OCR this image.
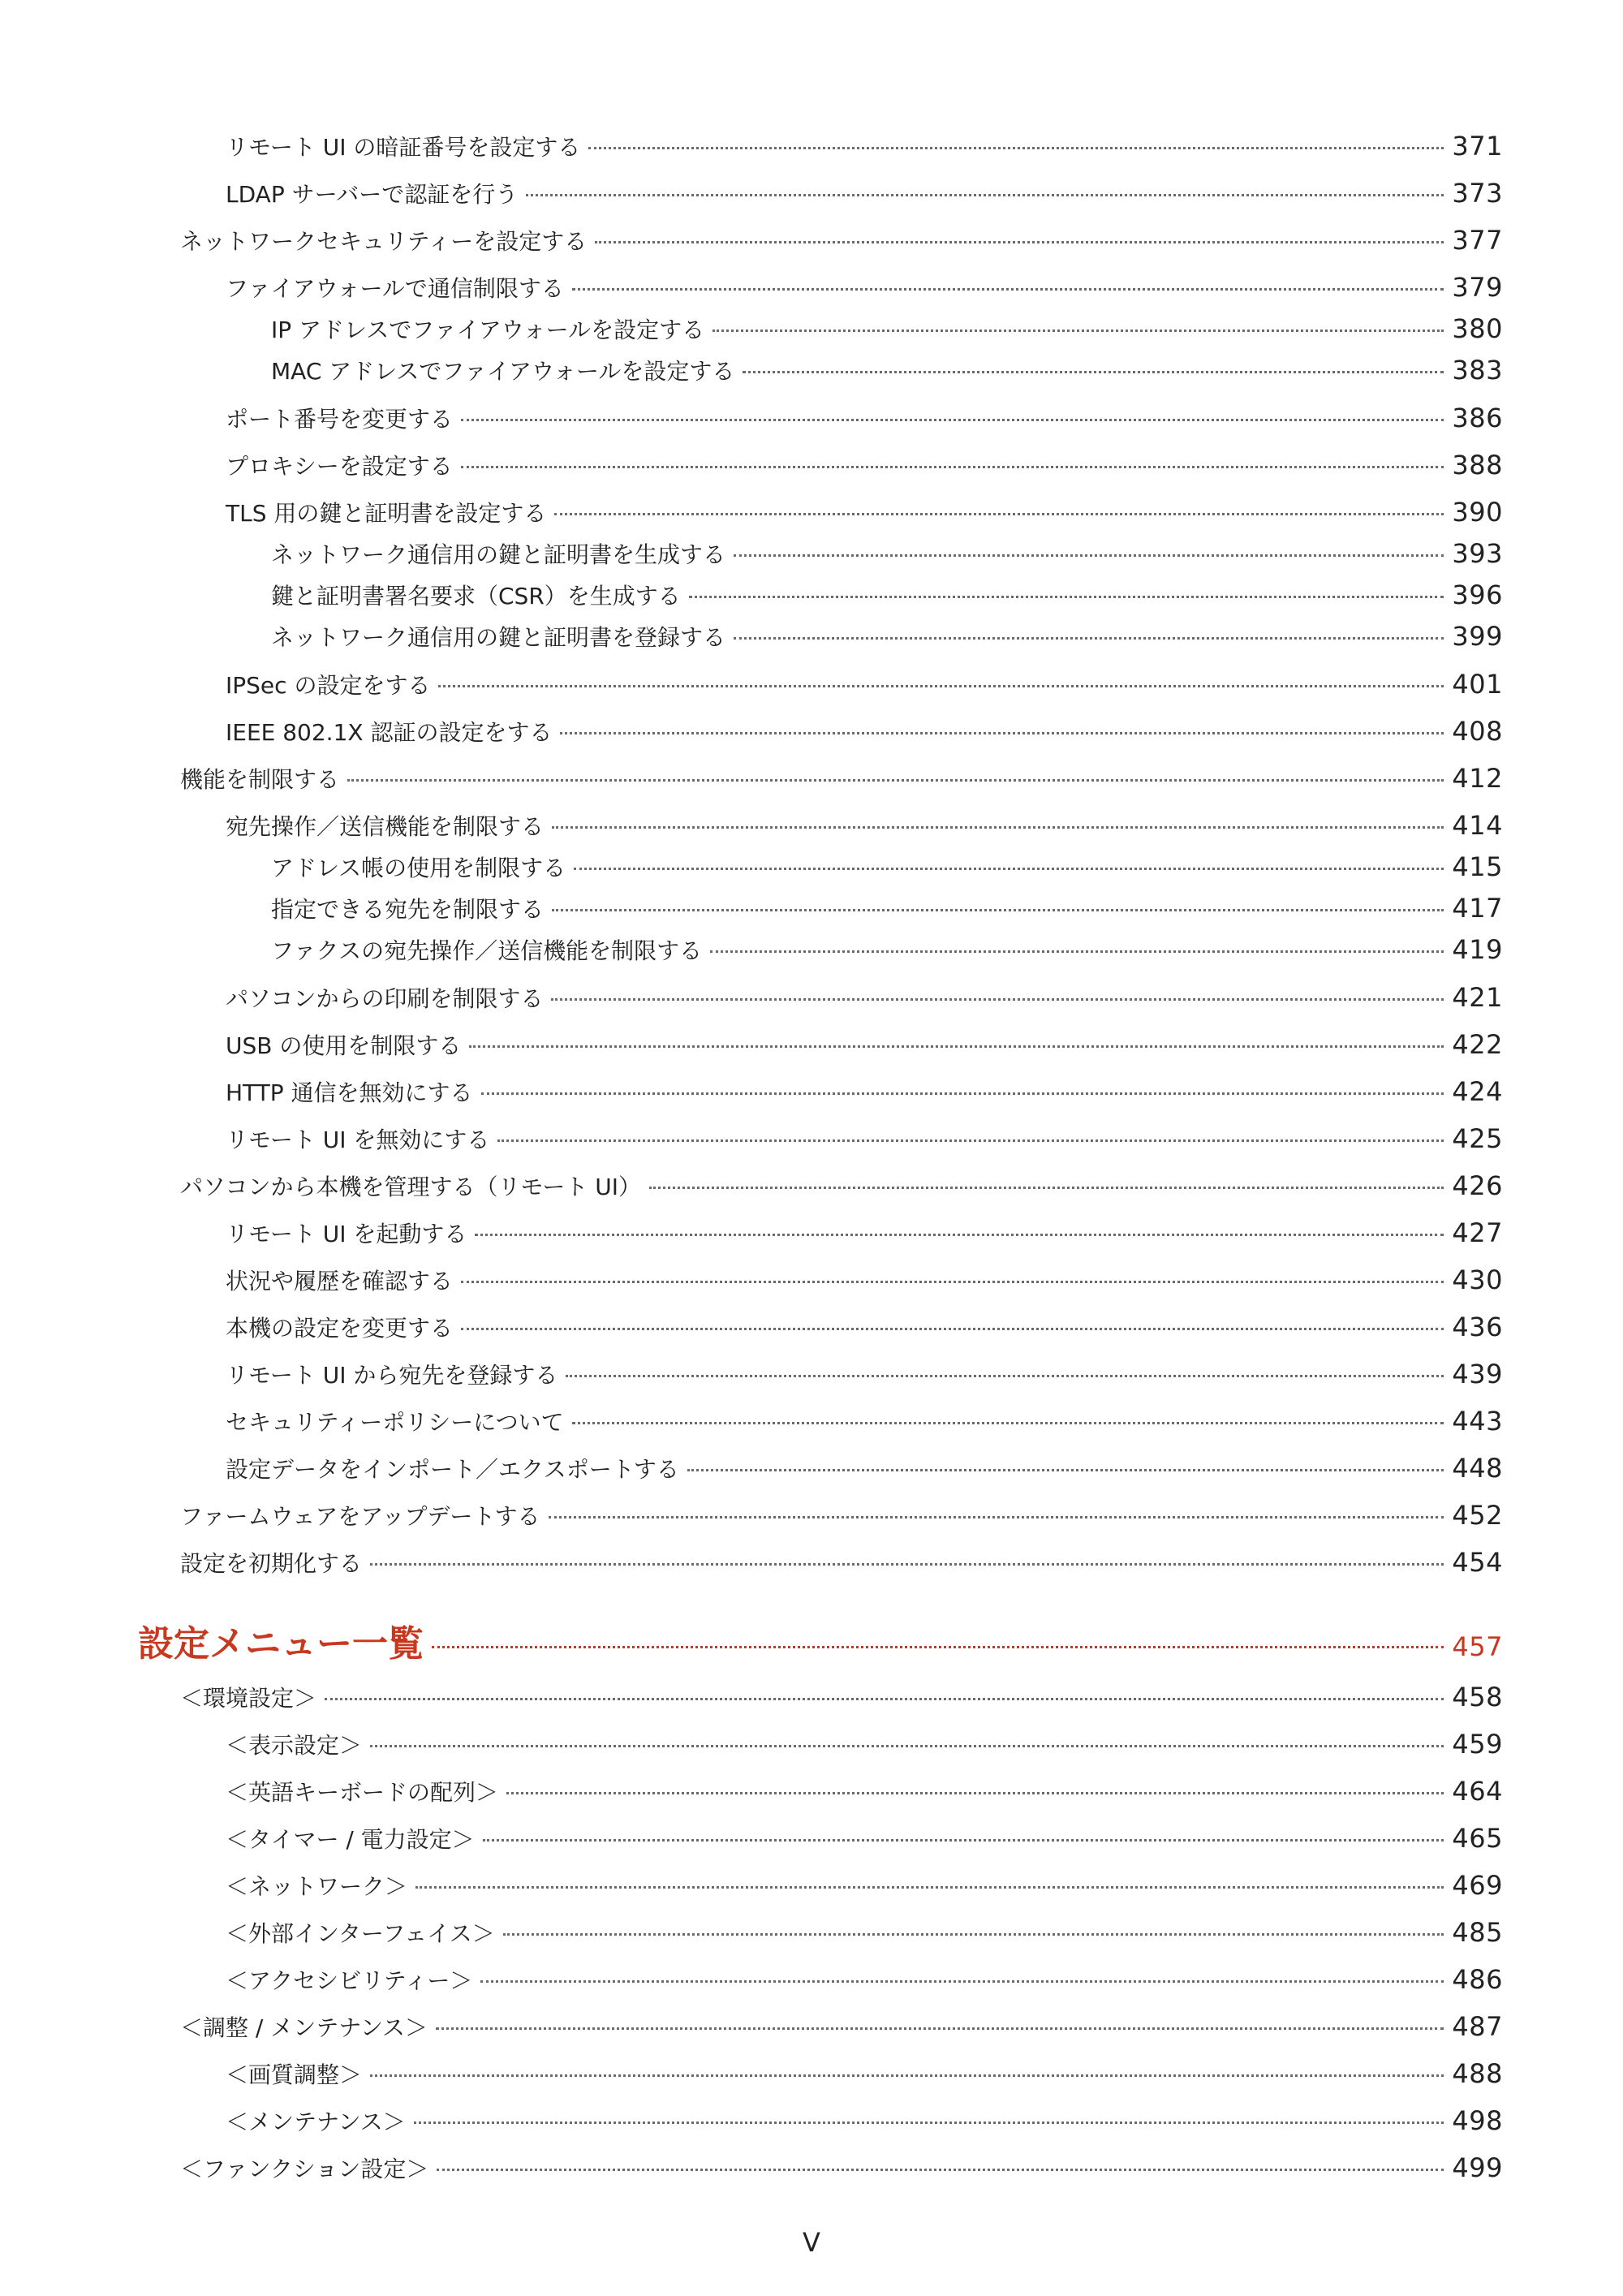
リモート UI の暗証番号を設定する	371
LDAP サーバーで認証を行う	373
ネットワークセキュリティーを設定する	377
ファイアウォールで通信制限する	379
IP アドレスでファイアウォールを設定する	380
MAC アドレスでファイアウォールを設定する	383
ポート番号を変更する	386
プロキシーを設定する	388
TLS 用の鍵と証明書を設定する	390
ネットワーク通信用の鍵と証明書を生成する	393
鍵と証明書署名要求（CSR）を生成する	396
ネットワーク通信用の鍵と証明書を登録する	399
IPSec の設定をする	401
IEEE 802.1X 認証の設定をする	408
機能を制限する	412
宛先操作／送信機能を制限する	414
アドレス帳の使用を制限する	415
指定できる宛先を制限する	417
ファクスの宛先操作／送信機能を制限する	419
パソコンからの印刷を制限する	421
USB の使用を制限する	422
HTTP 通信を無効にする	424
リモート UI を無効にする	425
パソコンから本機を管理する（リモート UI）	426
リモート UI を起動する	427
状況や履歴を確認する	430
本機の設定を変更する	436
リモート UI から宛先を登録する	439
セキュリティーポリシーについて	443
設定データをインポート／エクスポートする	448
ファームウェアをアップデートする	452
設定を初期化する	454
設定メニュー一覧	457
＜環境設定＞	458
＜表示設定＞	459
＜英語キーボードの配列＞	464
＜タイマー / 電力設定＞	465
＜ネットワーク＞	469
＜外部インターフェイス＞	485
＜アクセシビリティー＞	486
＜調整 / メンテナンス＞	487
＜画質調整＞	488
＜メンテナンス＞	498
＜ファンクション設定＞	499
V
